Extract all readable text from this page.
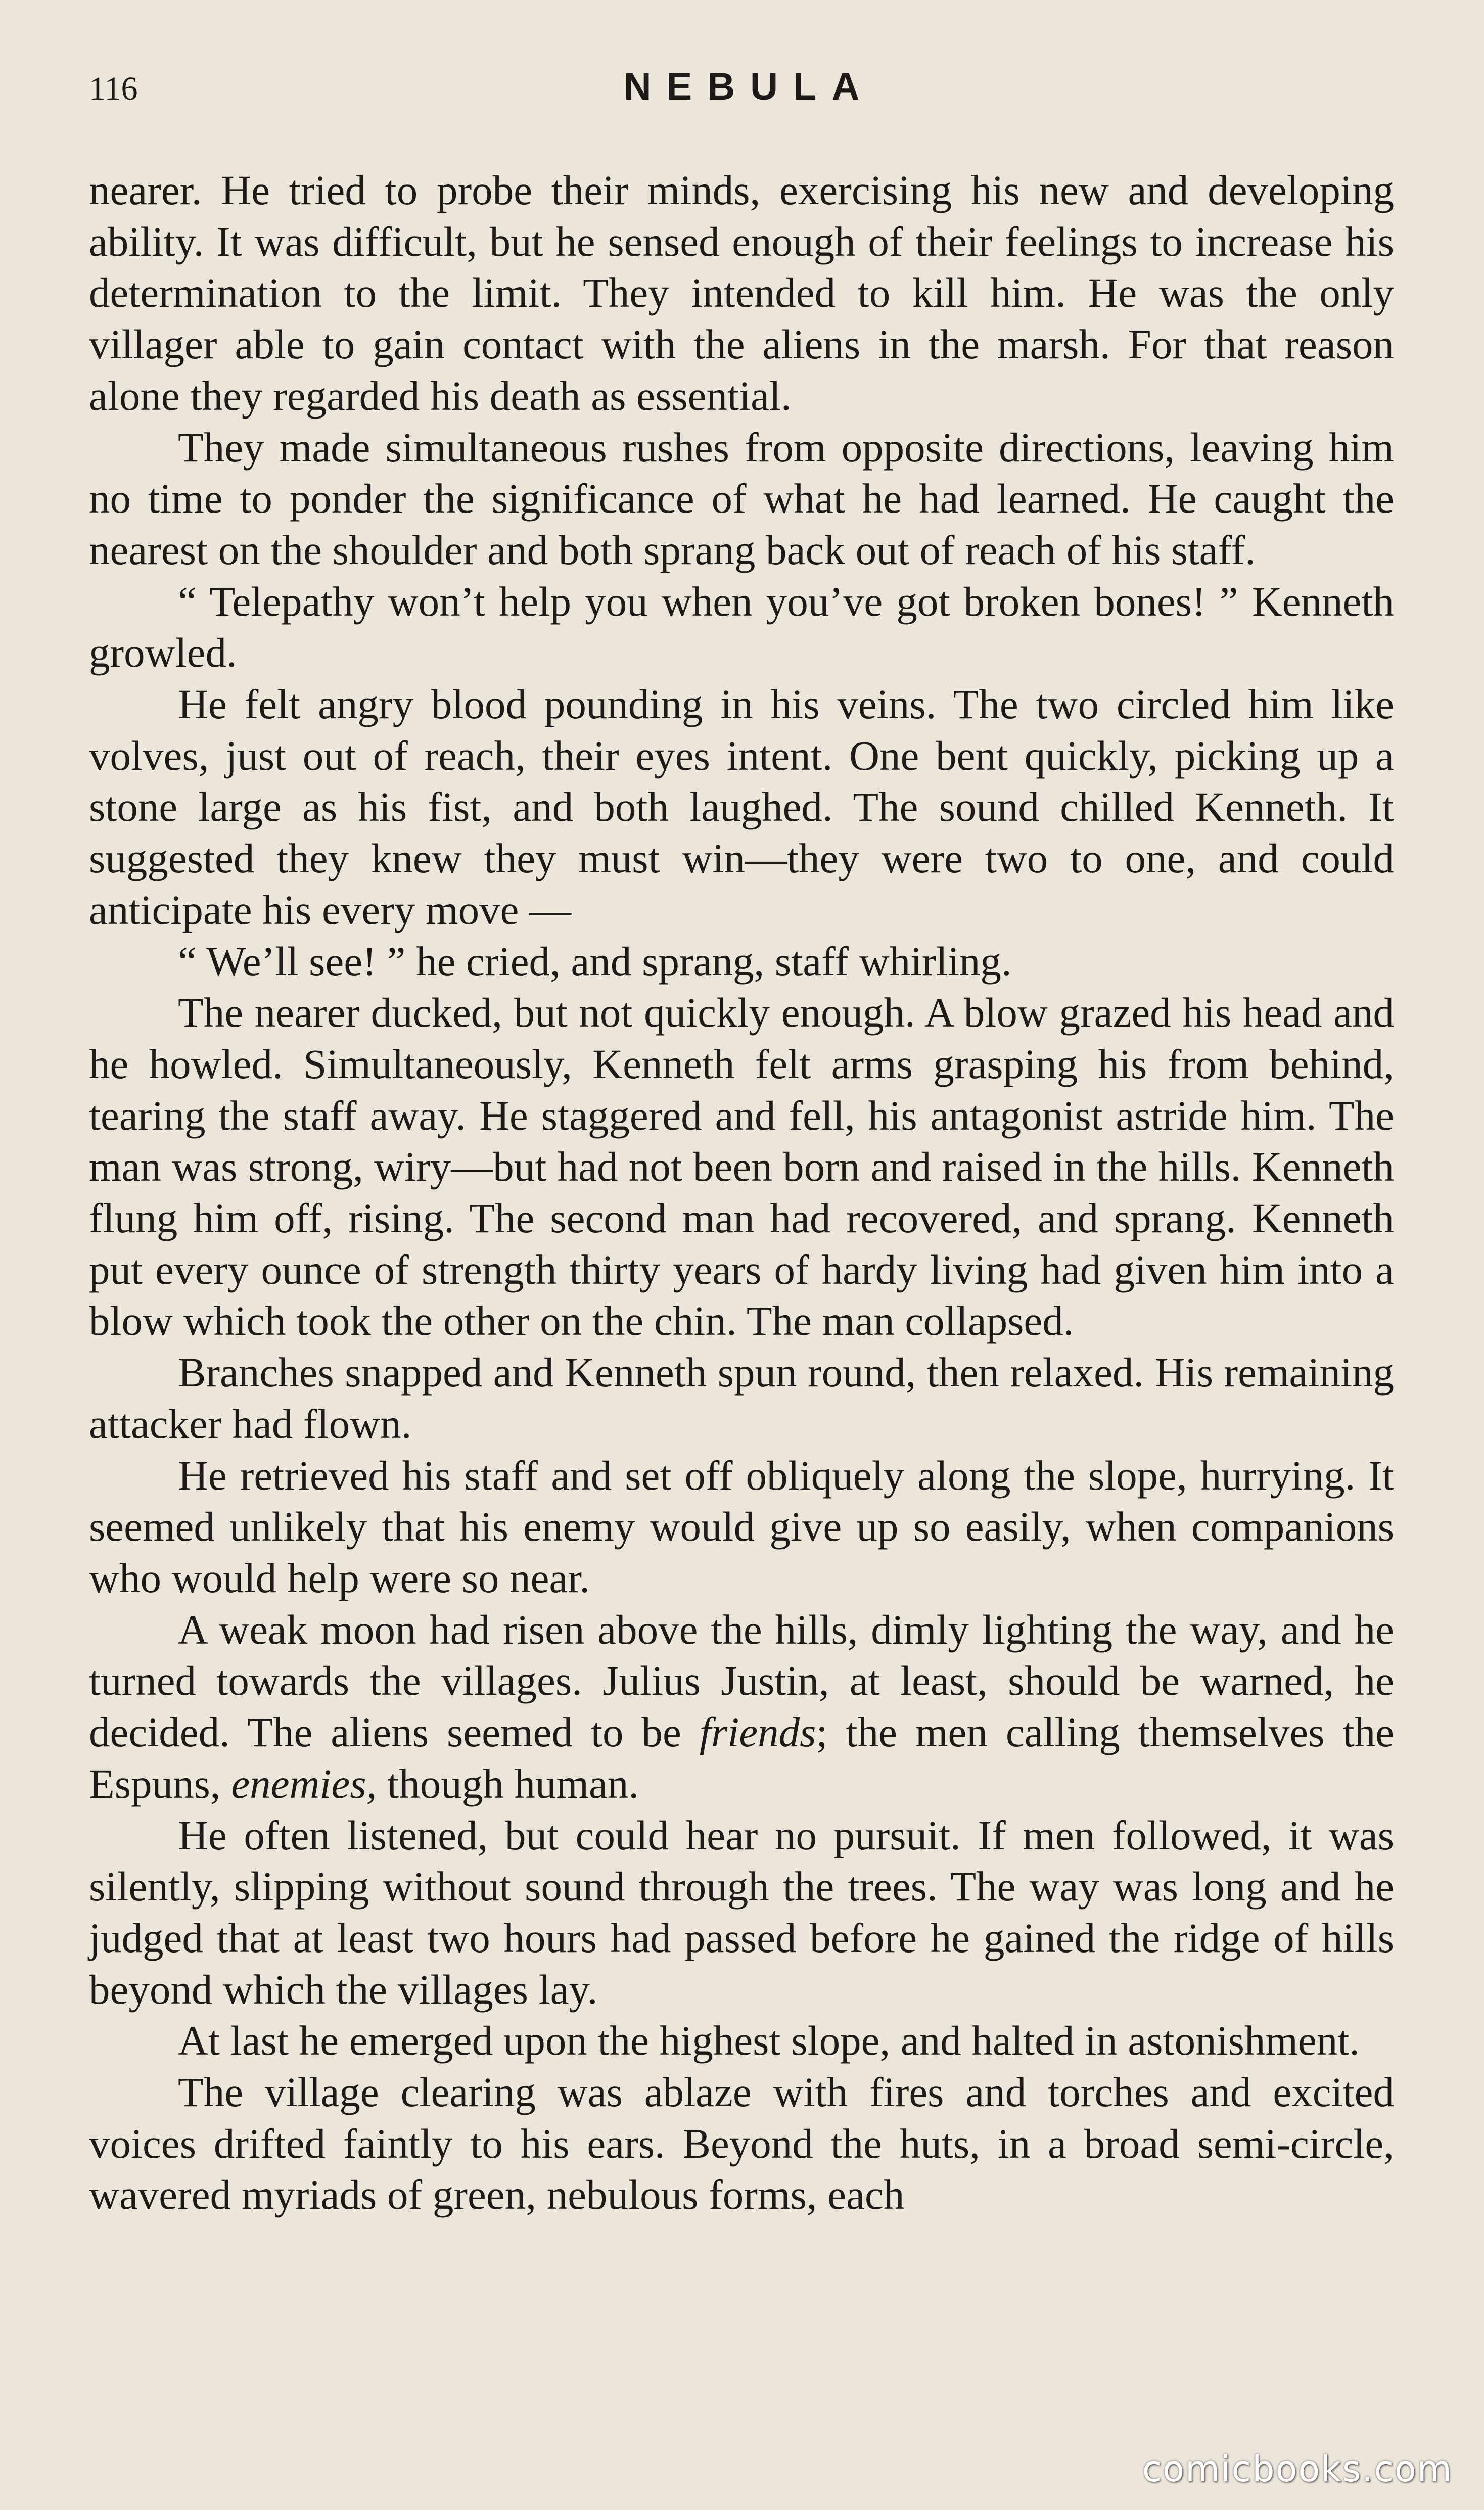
116	NEBULA

nearer. He tried to probe their minds, exercising his new and developing ability. It was difficult, but he sensed enough of their feelings to increase his determination to the limit. They intended to kill him. He was the only villager able to gain contact with the aliens in the marsh. For that reason alone they regarded his death as essential.

They made simultaneous rushes from opposite directions, leaving him no time to ponder the significance of what he had learned. He caught the nearest on the shoulder and both sprang back out of reach of his staff.

“ Telepathy won’t help you when you’ve got broken bones! ” Kenneth growled.

He felt angry blood pounding in his veins. The two circled him like volves, just out of reach, their eyes intent. One bent quickly, picking up a stone large as his fist, and both laughed. The sound chilled Kenneth. It suggested they knew they must win—they were two to one, and could anticipate his every move —

“ We’ll see! ” he cried, and sprang, staff whirling.

The nearer ducked, but not quickly enough. A blow grazed his head and he howled. Simultaneously, Kenneth felt arms grasping his from behind, tearing the staff away. He staggered and fell, his antagonist astride him. The man was strong, wiry—but had not been born and raised in the hills. Kenneth flung him off, rising. The second man had recovered, and sprang. Kenneth put every ounce of strength thirty years of hardy living had given him into a blow which took the other on the chin. The man collapsed.

Branches snapped and Kenneth spun round, then relaxed. His remaining attacker had flown.

He retrieved his staff and set off obliquely along the slope, hurrying. It seemed unlikely that his enemy would give up so easily, when companions who would help were so near.

A weak moon had risen above the hills, dimly lighting the way, and he turned towards the villages. Julius Justin, at least, should be warned, he decided. The aliens seemed to be friends; the men calling themselves the Espuns, enemies, though human.

He often listened, but could hear no pursuit. If men followed, it was silently, slipping without sound through the trees. The way was long and he judged that at least two hours had passed before he gained the ridge of hills beyond which the villages lay.

At last he emerged upon the highest slope, and halted in astonishment.

The village clearing was ablaze with fires and torches and excited voices drifted faintly to his ears. Beyond the huts, in a broad semi-circle, wavered myriads of green, nebulous forms, each

comicbooks.com
